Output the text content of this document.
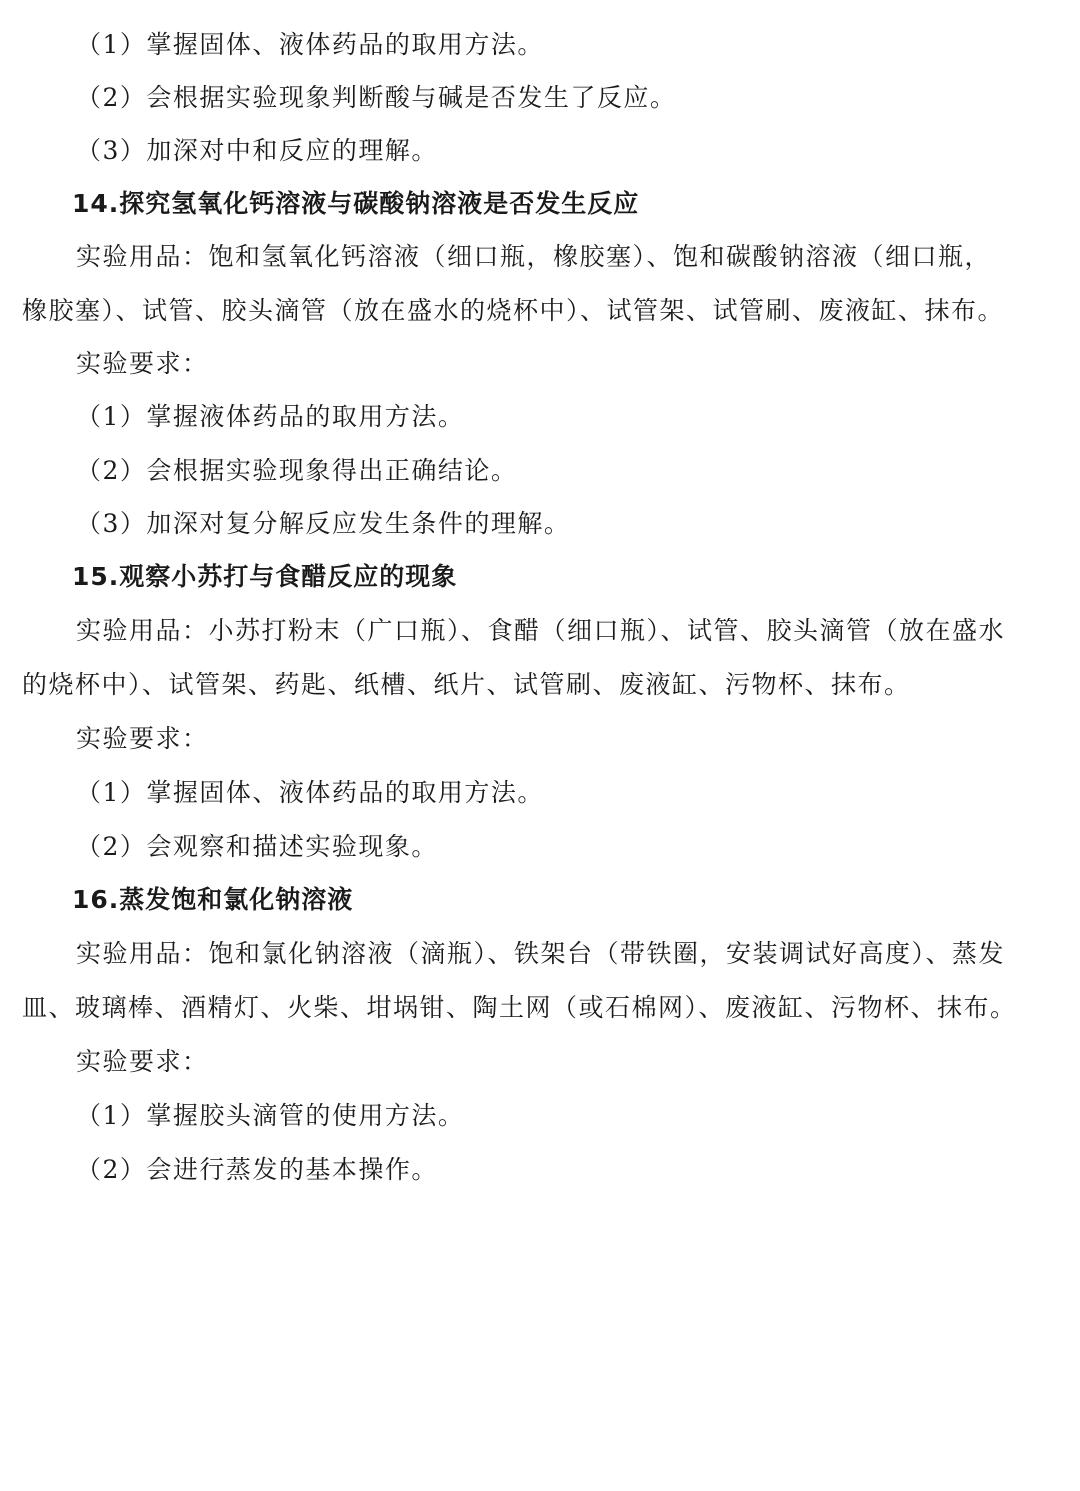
（1）掌握固体、液体药品的取用方法。
（2）会根据实验现象判断酸与碱是否发生了反应。
（3）加深对中和反应的理解。
14.探究氢氧化钙溶液与碳酸钠溶液是否发生反应
实验用品：饱和氢氧化钙溶液（细口瓶，橡胶塞）、饱和碳酸钠溶液（细口瓶，
橡胶塞）、试管、胶头滴管（放在盛水的烧杯中）、试管架、试管刷、废液缸、抹布。
实验要求：
（1）掌握液体药品的取用方法。
（2）会根据实验现象得出正确结论。
（3）加深对复分解反应发生条件的理解。
15.观察小苏打与食醋反应的现象
实验用品：小苏打粉末（广口瓶）、食醋（细口瓶）、试管、胶头滴管（放在盛水
的烧杯中）、试管架、药匙、纸槽、纸片、试管刷、废液缸、污物杯、抹布。
实验要求：
（1）掌握固体、液体药品的取用方法。
（2）会观察和描述实验现象。
16.蒸发饱和氯化钠溶液
实验用品：饱和氯化钠溶液（滴瓶）、铁架台（带铁圈，安装调试好高度）、蒸发
皿、玻璃棒、酒精灯、火柴、坩埚钳、陶土网（或石棉网）、废液缸、污物杯、抹布。
实验要求：
（1）掌握胶头滴管的使用方法。
（2）会进行蒸发的基本操作。
